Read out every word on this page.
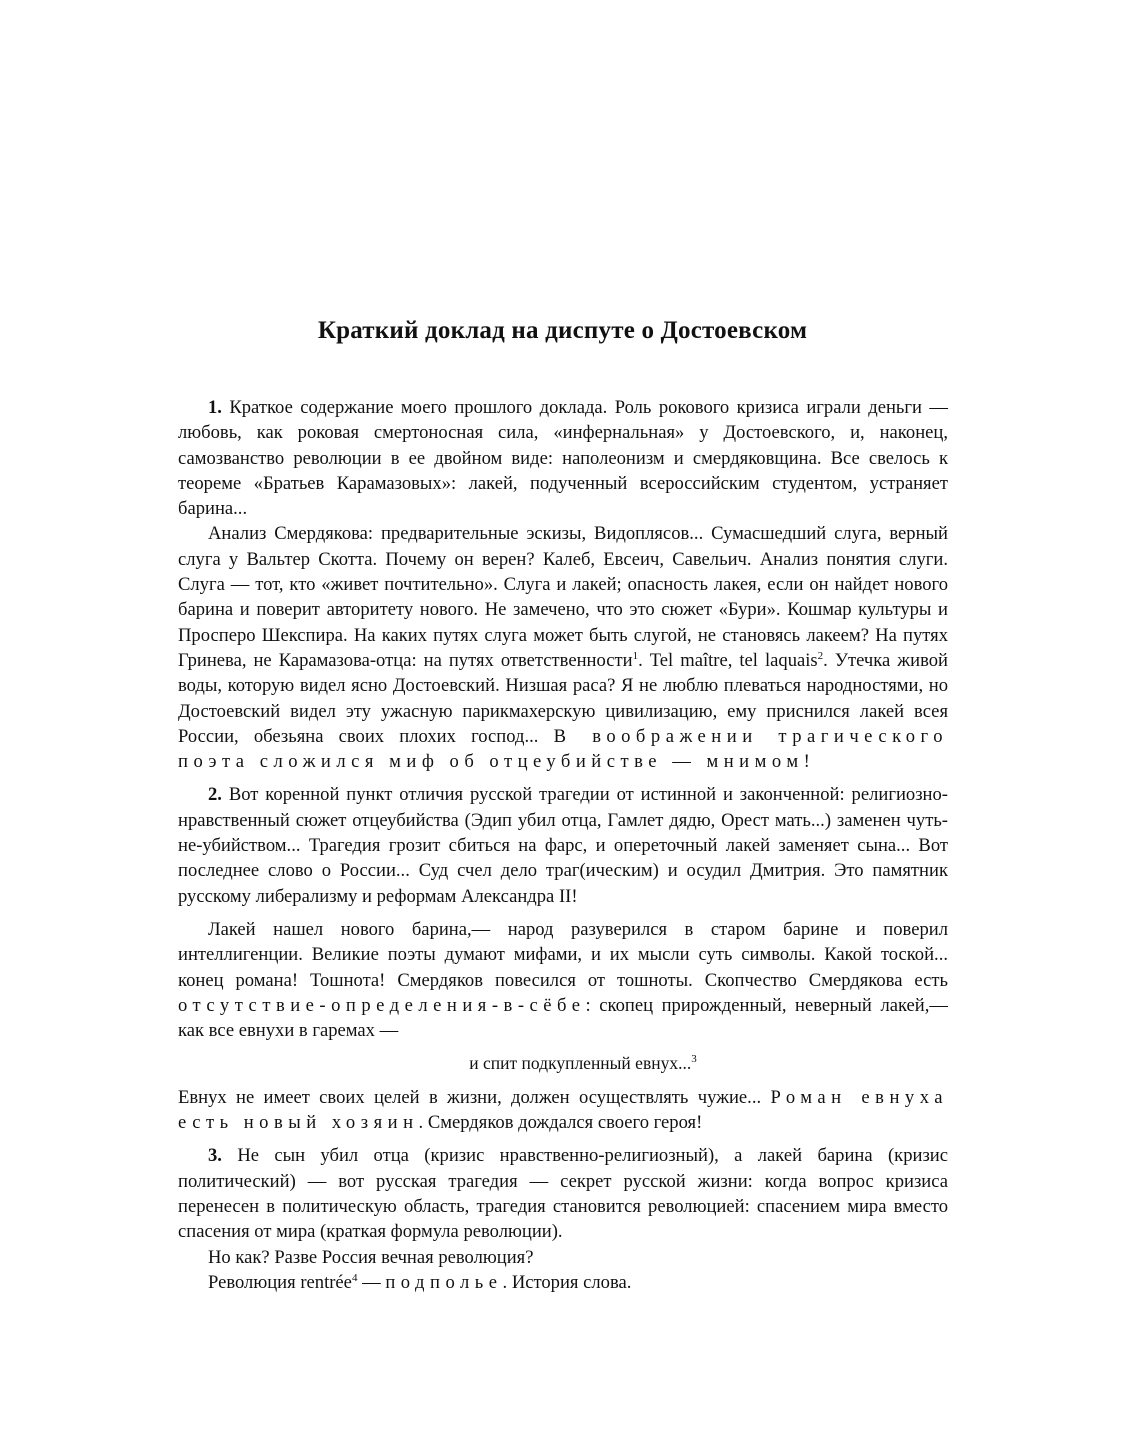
Краткий доклад на диспуте о Достоевском

1. Краткое содержание моего прошлого доклада. Роль рокового кризиса играли деньги — любовь, как роковая смертоносная сила, «инфернальная» у Достоевского, и, наконец, самозванство революции в ее двойном виде: наполеонизм и смердяковщина. Все свелось к теореме «Братьев Карамазовых»: лакей, подученный всероссийским студентом, устраняет барина...

Анализ Смердякова: предварительные эскизы, Видоплясов... Сумасшедший слуга, верный слуга у Вальтер Скотта. Почему он верен? Калеб, Евсеич, Савельич. Анализ понятия слуги. Слуга — тот, кто «живет почтительно». Слуга и лакей; опасность лакея, если он найдет нового барина и поверит авторитету нового. Не замечено, что это сюжет «Бури». Кошмар культуры и Просперо Шекспира. На каких путях слуга может быть слугой, не становясь лакеем? На путях Гринева, не Карамазова-отца: на путях ответственности$^1$. Tel maître, tel laquais$^2$. Утечка живой воды, которую видел ясно Достоевский. Низшая раса? Я не люблю плеваться народностями, но Достоевский видел эту ужасную парикмахерскую цивилизацию, ему приснился лакей всея России, обезьяна своих плохих господ... В воображении трагического поэта сложился миф об отцеубийстве — мнимом!

2. Вот коренной пункт отличия русской трагедии от истинной и законченной: религиозно-нравственный сюжет отцеубийства (Эдип убил отца, Гамлет дядю, Орест мать...) заменен чуть-не-убийством... Трагедия грозит сбиться на фарс, и опереточный лакей заменяет сына... Вот последнее слово о России... Суд счел дело траг(ическим) и осудил Дмитрия. Это памятник русскому либерализму и реформам Александра II!

Лакей нашел нового барина,— народ разуверился в старом барине и поверил интеллигенции. Великие поэты думают мифами, и их мысли суть символы. Какой тоской... конец романа! Тошнота! Смердяков повесился от тошноты. Скопчество Смердякова есть отсутствие-определения-в-сёбе: скопец прирожденный, неверный лакей,— как все евнухи в гаремах —

и спит подкупленный евнух...$^3$

Евнух не имеет своих целей в жизни, должен осуществлять чужие... Роман евнуха есть новый хозяин. Смердяков дождался своего героя!

3. Не сын убил отца (кризис нравственно-религиозный), а лакей барина (кризис политический) — вот русская трагедия — секрет русской жизни: когда вопрос кризиса перенесен в политическую область, трагедия становится революцией: спасением мира вместо спасения от мира (краткая формула революции).

Но как? Разве Россия вечная революция?

Революция rentrée$^4$ — подполье. История слова.
